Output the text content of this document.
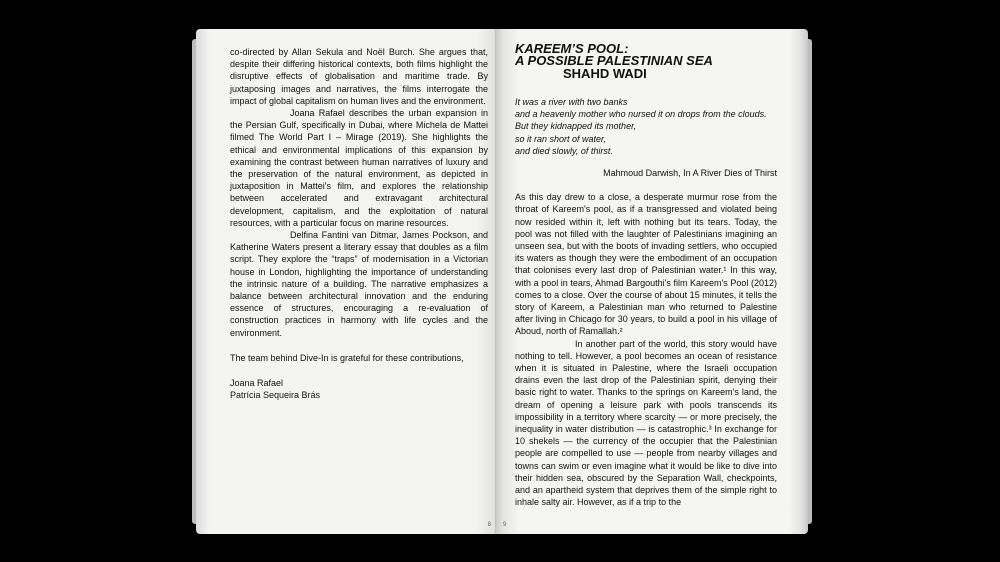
co-directed by Allan Sekula and Noël Burch. She argues that, despite their differing historical contexts, both films highlight the disruptive effects of globalisation and maritime trade. By juxtaposing images and narratives, the films interrogate the impact of global capitalism on human lives and the environment.

Joana Rafael describes the urban expansion in the Persian Gulf, specifically in Dubai, where Michela de Mattei filmed The World Part I – Mirage (2019). She highlights the ethical and environmental implications of this expansion by examining the contrast between human narratives of luxury and the preservation of the natural environment, as depicted in juxtaposition in Mattei's film, and explores the relationship between accelerated and extravagant architectural development, capitalism, and the exploitation of natural resources, with a particular focus on marine resources.

Delfina Fantini van Ditmar, James Pockson, and Katherine Waters present a literary essay that doubles as a film script. They explore the “traps” of modernisation in a Victorian house in London, highlighting the importance of understanding the intrinsic nature of a building. The narrative emphasizes a balance between architectural innovation and the enduring essence of structures, encouraging a re-evaluation of construction practices in harmony with life cycles and the environment.

The team behind Dive-In is grateful for these contributions,

Joana Rafael

Patrícia Sequeira Brás

8

KAREEM’S POOL:

A POSSIBLE PALESTINIAN SEA

SHAHD WADI

It was a river with two banks
and a heavenly mother who nursed it on drops from the clouds.
But they kidnapped its mother,
so it ran short of water,
and died slowly, of thirst.

Mahmoud Darwish, In A River Dies of Thirst

As this day drew to a close, a desperate murmur rose from the throat of Kareem's pool, as if a transgressed and violated being now resided within it, left with nothing but its tears. Today, the pool was not filled with the laughter of Palestinians imagining an unseen sea, but with the boots of invading settlers, who occupied its waters as though they were the embodiment of an occupation that colonises every last drop of Palestinian water.¹ In this way, with a pool in tears, Ahmad Bargouthi's film Kareem's Pool (2012) comes to a close. Over the course of about 15 minutes, it tells the story of Kareem, a Palestinian man who returned to Palestine after living in Chicago for 30 years, to build a pool in his village of Aboud, north of Ramallah.²

In another part of the world, this story would have nothing to tell. However, a pool becomes an ocean of resistance when it is situated in Palestine, where the Israeli occupation drains even the last drop of the Palestinian spirit, denying their basic right to water. Thanks to the springs on Kareem's land, the dream of opening a leisure park with pools transcends its impossibility in a territory where scarcity — or more precisely, the inequality in water distribution — is catastrophic.³ In exchange for 10 shekels — the currency of the occupier that the Palestinian people are compelled to use — people from nearby villages and towns can swim or even imagine what it would be like to dive into their hidden sea, obscured by the Separation Wall, checkpoints, and an apartheid system that deprives them of the simple right to inhale salty air. However, as if a trip to the

9
